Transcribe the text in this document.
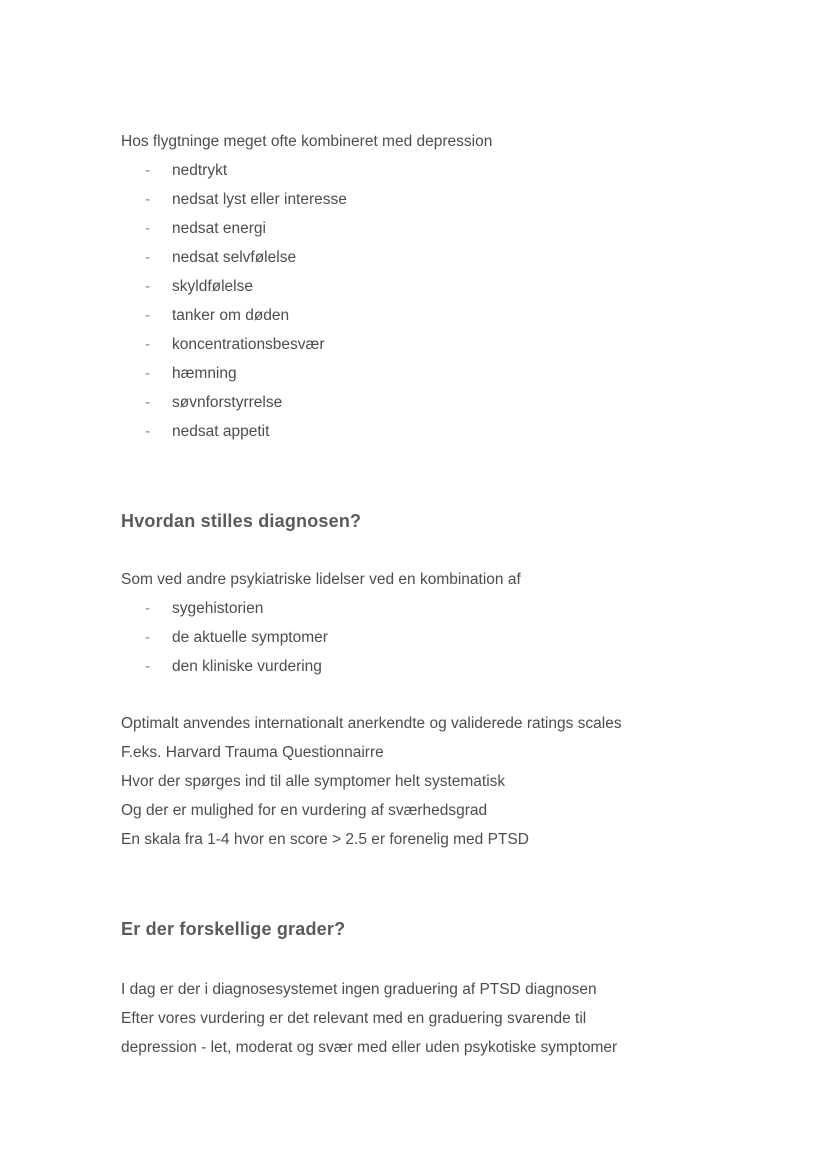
Hos flygtninge meget ofte kombineret med depression
- nedtrykt
- nedsat lyst eller interesse
- nedsat energi
- nedsat selvfølelse
- skyldfølelse
- tanker om døden
- koncentrationsbesvær
- hæmning
- søvnforstyrrelse
- nedsat appetit
Hvordan stilles diagnosen?
Som ved andre psykiatriske lidelser ved en kombination af
- sygehistorien
- de aktuelle symptomer
- den kliniske vurdering
Optimalt anvendes internationalt anerkendte og validerede ratings scales
F.eks. Harvard Trauma Questionnairre
Hvor der spørges ind til alle symptomer helt systematisk
Og der er mulighed for en vurdering af sværhedsgrad
En skala fra 1-4 hvor en score > 2.5 er forenelig med PTSD
Er der forskellige grader?
I dag er der i diagnosesystemet ingen graduering af PTSD diagnosen
Efter vores vurdering er det relevant med en graduering svarende til
depression - let, moderat og svær med eller uden psykotiske symptomer
